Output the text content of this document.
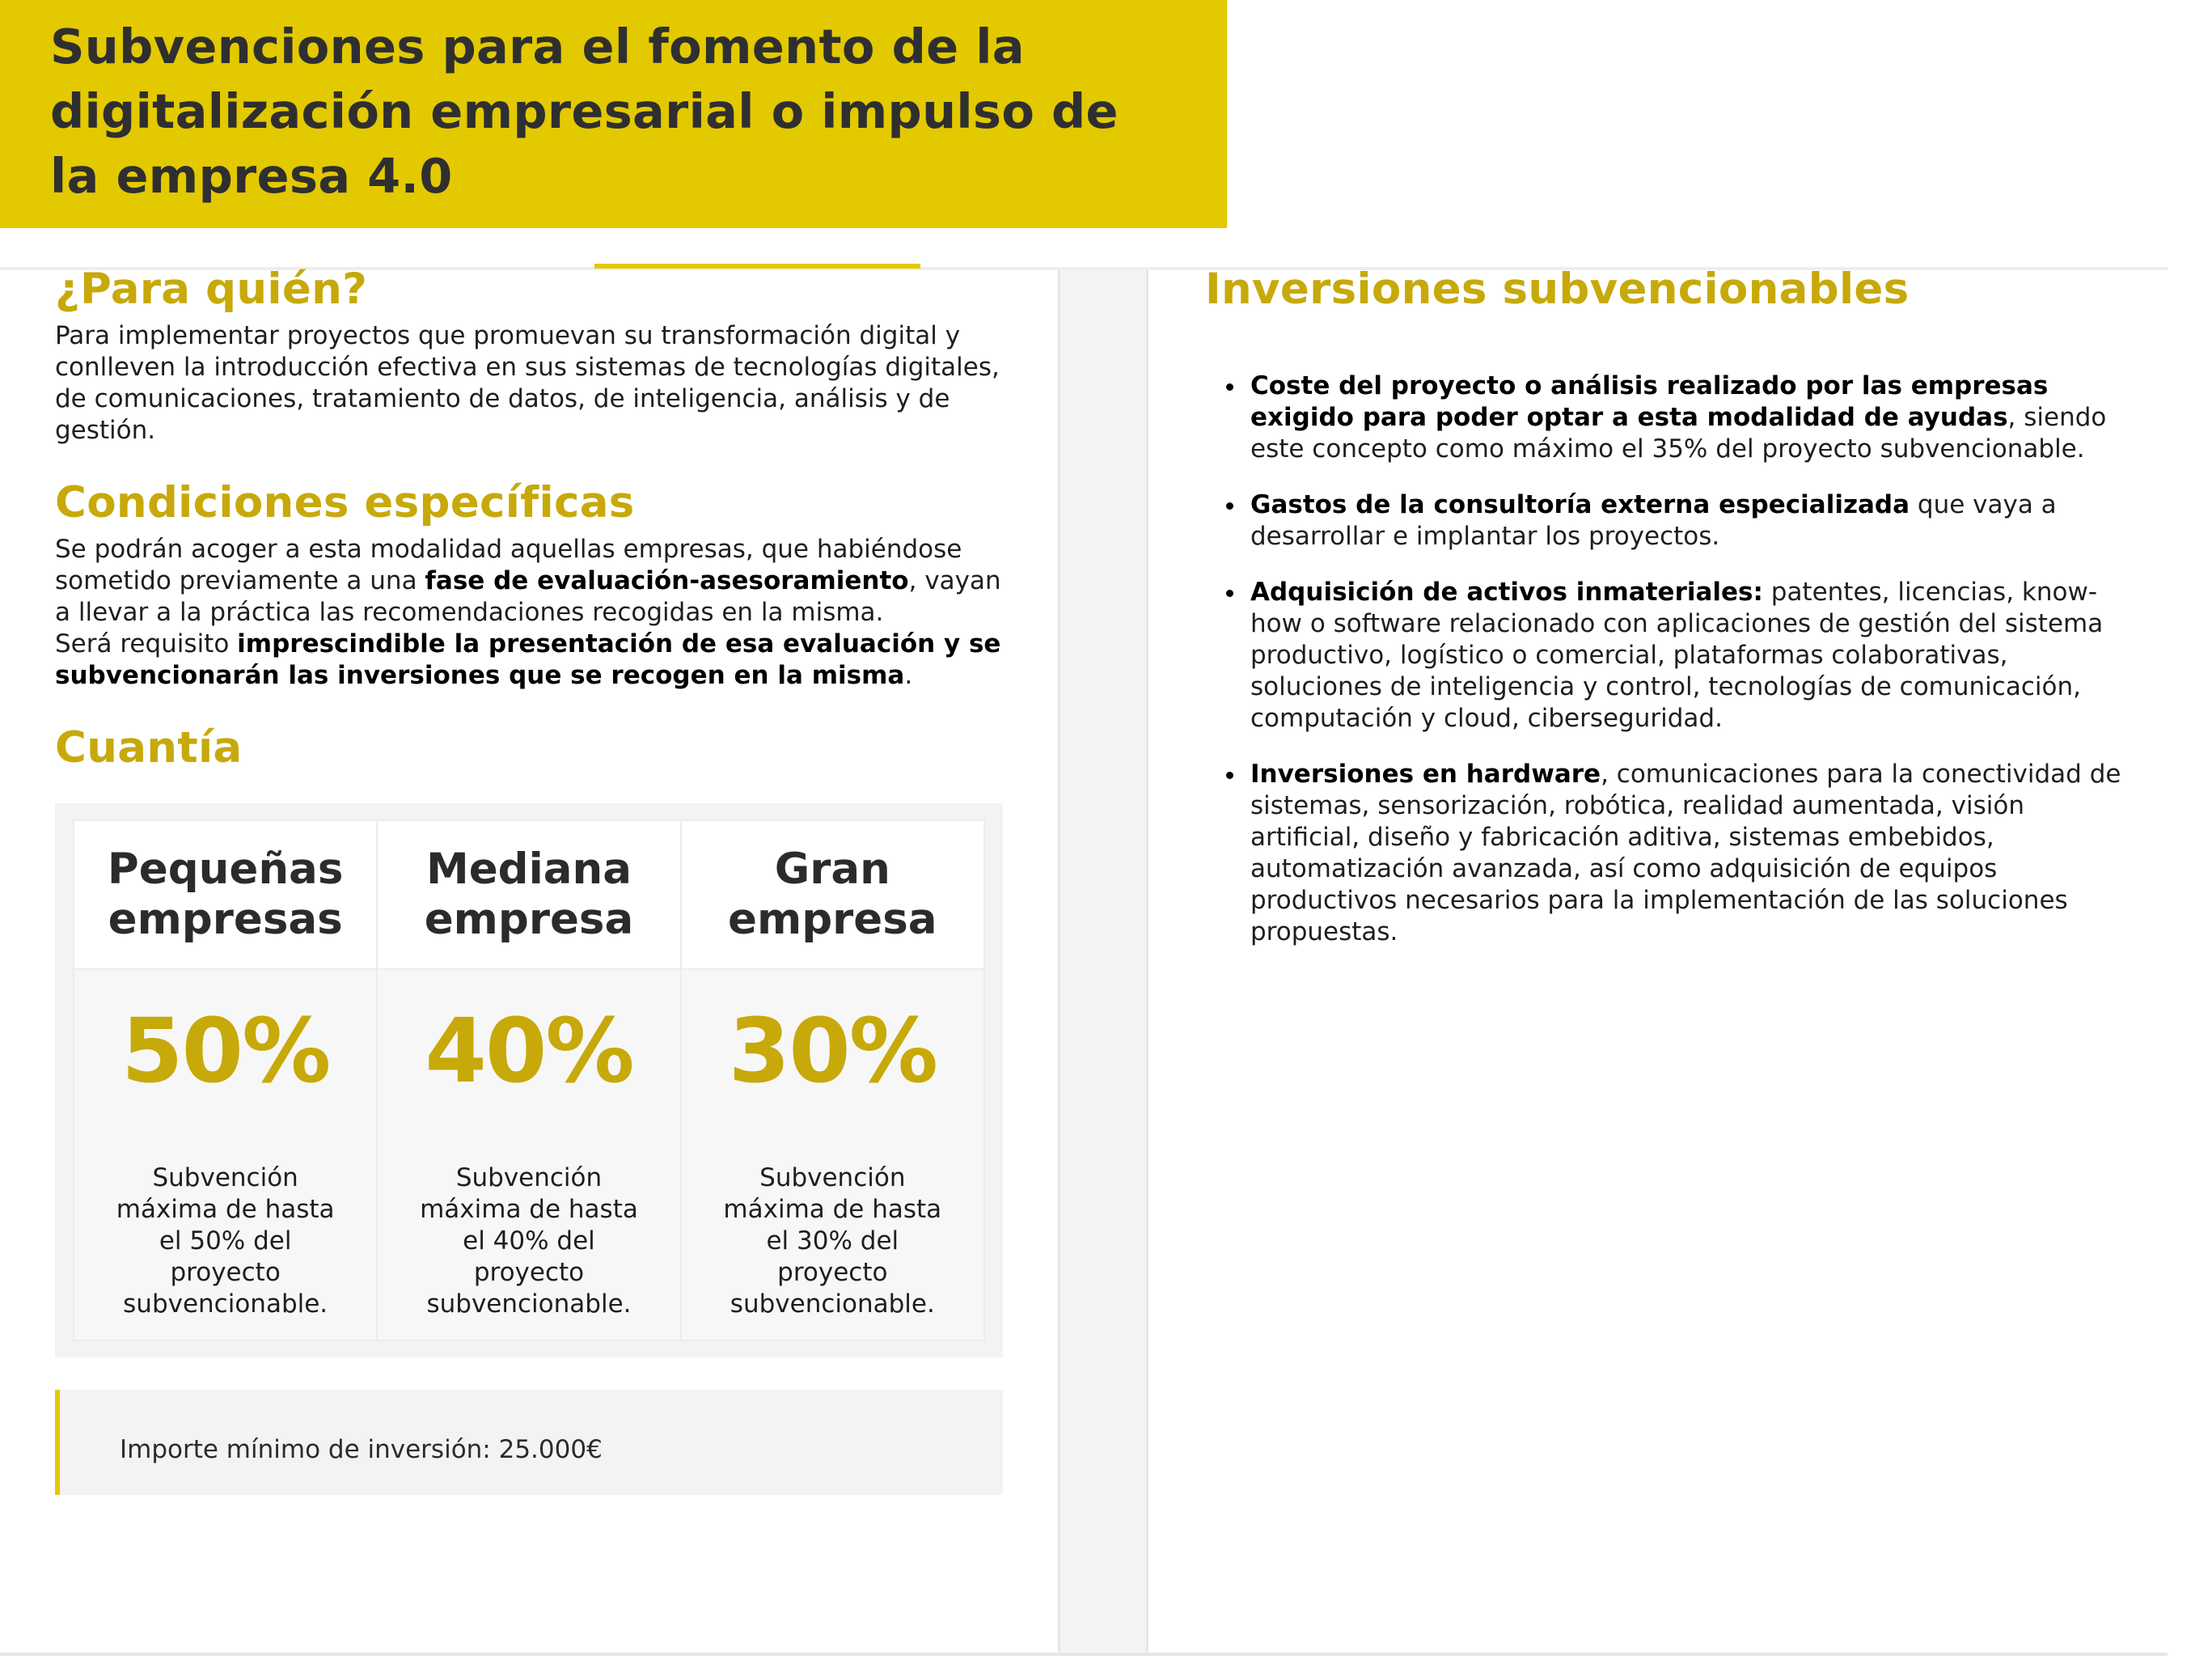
Subvenciones para el fomento de la digitalización empresarial o impulso de la empresa 4.0
¿Para quién?

Para implementar proyectos que promuevan su transformación digital y conlleven la introducción efectiva en sus sistemas de tecnologías digitales, de comunicaciones, tratamiento de datos, de inteligencia, análisis y de gestión.

Condiciones específicas

Se podrán acoger a esta modalidad aquellas empresas, que habiéndose sometido previamente a una fase de evaluación-asesoramiento, vayan a llevar a la práctica las recomendaciones recogidas en la misma.
Será requisito imprescindible la presentación de esa evaluación y se subvencionarán las inversiones que se recogen en la misma.

Cuantía
Pequeñas empresas
50%
Subvención máxima de hasta el 50% del proyecto subvencionable.
Mediana empresa
40%
Subvención máxima de hasta el 40% del proyecto subvencionable.
Gran empresa
30%
Subvención máxima de hasta el 30% del proyecto subvencionable.
Importe mínimo de inversión: 25.000€
Inversiones subvencionables
Coste del proyecto o análisis realizado por las empresas exigido para poder optar a esta modalidad de ayudas, siendo este concepto como máximo el 35% del proyecto subvencionable.
Gastos de la consultoría externa especializada que vaya a desarrollar e implantar los proyectos.
Adquisición de activos inmateriales: patentes, licencias, know-how o software relacionado con aplicaciones de gestión del sistema productivo, logístico o comercial, plataformas colaborativas, soluciones de inteligencia y control, tecnologías de comunicación, computación y cloud, ciberseguridad.
Inversiones en hardware, comunicaciones para la conectividad de sistemas, sensorización, robótica, realidad aumentada, visión artificial, diseño y fabricación aditiva, sistemas embebidos, automatización avanzada, así como adquisición de equipos productivos necesarios para la implementación de las soluciones propuestas.
